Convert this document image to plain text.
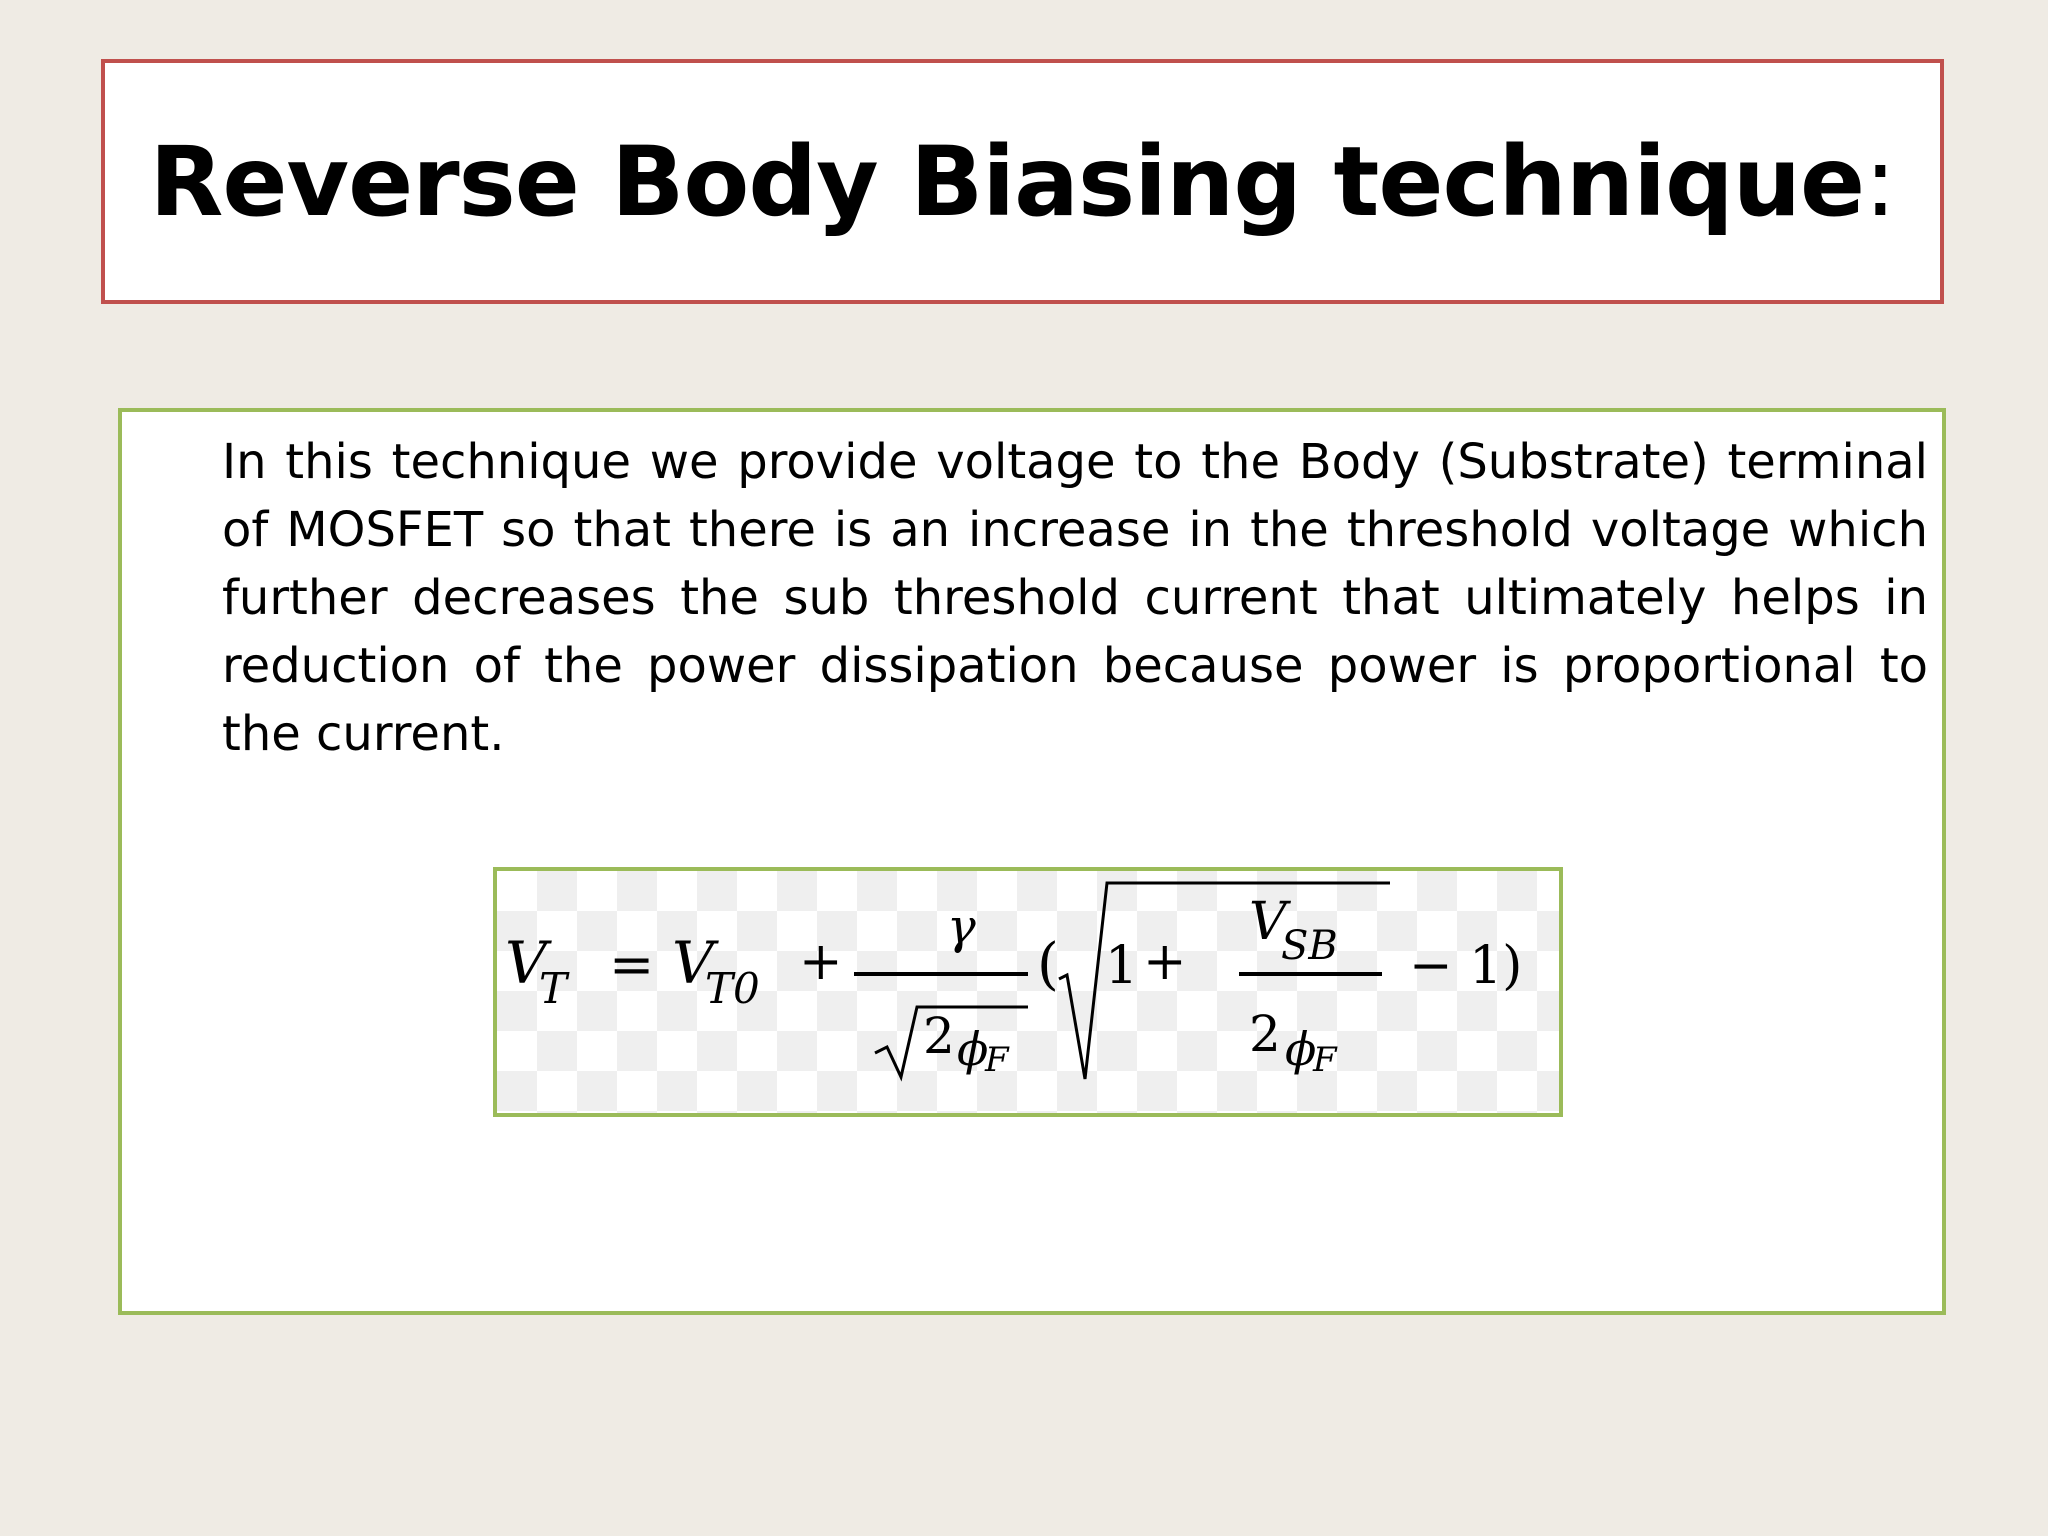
Reverse Body Biasing technique:

In this technique we provide voltage to the Body (Substrate) terminal of MOSFET so that there is an increase in the threshold voltage which further decreases the sub threshold current that ultimately helps in reduction of the power dissipation because power is proportional to the current.

V
T = V
T0 +
γ
2 ϕ
F
( 1 +
V
SB
2 ϕ
F
− 1)
